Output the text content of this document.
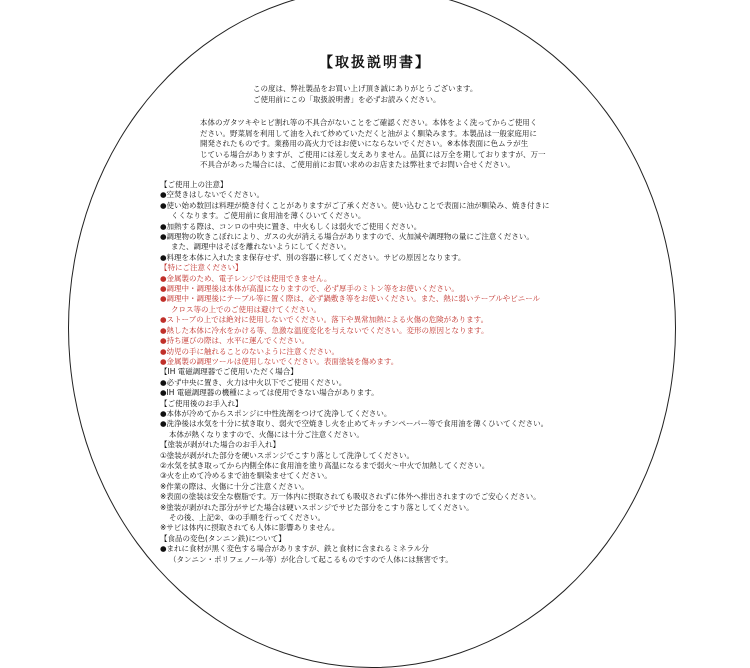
【取扱説明書】
この度は、弊社製品をお買い上げ頂き誠にありがとうございます。
ご使用前にこの「取扱説明書」を必ずお読みください。
本体のガタツキやヒビ割れ等の不具合がないことをご確認ください。本体をよく洗ってからご使用く
ださい。野菜屑を利用して油を入れて炒めていただくと油がよく馴染みます。本製品は一般家庭用に
開発されたものです。業務用の高火力ではお使いにならないでください。※本体表面に色ムラが生
じている場合がありますが、ご使用には差し支えありません。品質には万全を期しておりますが、万一
不具合があった場合には、ご使用前にお買い求めのお店または弊社までお問い合せください。
【ご使用上の注意】
●空焚きはしないでください。
●使い始め数回は料理が焼き付くことがありますがご了承ください。使い込むことで表面に油が馴染み、焼き付きに
くくなります。ご使用前に食用油を薄くひいてください。
●加熱する際は、コンロの中央に置き、中火もしくは弱火でご使用ください。
●調理物の吹きこぼれにより、ガスの火が消える場合がありますので、火加減や調理物の量にご注意ください。
また、調理中はそばを離れないようにしてください。
●料理を本体に入れたまま保存せず、別の容器に移してください。サビの原因となります。
【特にご注意ください】
●金属製のため、電子レンジでは使用できません。
●調理中・調理後は本体が高温になりますので、必ず厚手のミトン等をお使いください。
●調理中・調理後にテーブル等に置く際は、必ず鍋敷き等をお使いください。また、熱に弱いテーブルやビニール
クロス等の上でのご使用は避けてください。
●ストーブの上では絶対に使用しないでください。落下や異常加熱による火傷の危険があります。
●熱した本体に冷水をかける等、急激な温度変化を与えないでください。変形の原因となります。
●持ち運びの際は、水平に運んでください。
●幼児の手に触れることのないように注意ください。
●金属製の調理ツールは使用しないでください。表面塗装を傷めます。
【IH 電磁調理器でご使用いただく場合】
●必ず中央に置き、火力は中火以下でご使用ください。
●IH 電磁調理器の機種によっては使用できない場合があります。
【ご使用後のお手入れ】
●本体が冷めてからスポンジに中性洗剤をつけて洗浄してください。
●洗浄後は水気を十分に拭き取り、弱火で空焼きし火を止めてキッチンペーパー等で食用油を薄くひいてください。
本体が熱くなりますので、火傷には十分ご注意ください。
【塗装が剥がれた場合のお手入れ】
①塗装が剥がれた部分を硬いスポンジでこすり落として洗浄してください。
②水気を拭き取ってから内側全体に食用油を塗り高温になるまで弱火〜中火で加熱してください。
③火を止めて冷めるまで油を馴染ませてください。
※作業の際は、火傷に十分ご注意ください。
※表面の塗装は安全な樹脂です。万一体内に摂取されても吸収されずに体外へ排出されますのでご安心ください。
※塗装が剥がれた部分がサビた場合は硬いスポンジでサビた部分をこすり落としてください。
その後、上記②、③の手順を行ってください。
※サビは体内に摂取されても人体に影響ありません。
【食品の変色(タンニン鉄)について】
●まれに食材が黒く変色する場合がありますが、鉄と食材に含まれるミネラル分
（タンニン・ポリフェノール等）が化合して起こるものですので人体には無害です。
